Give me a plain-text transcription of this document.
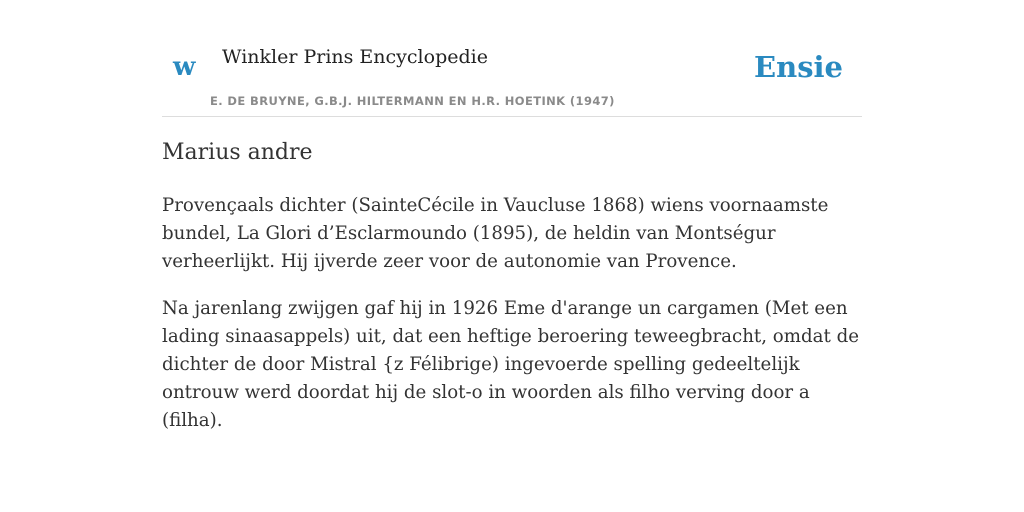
w Winkler Prins Encyclopedie
E. DE BRUYNE, G.B.J. HILTERMANN EN H.R. HOETINK (1947)
Ensie
Marius andre

Provençaals dichter (SainteCécile in Vaucluse 1868) wiens voornaamste bundel, La Glori d’Esclarmoundo (1895), de heldin van Montségur verheerlijkt. Hij ijverde zeer voor de autonomie van Provence.

Na jarenlang zwijgen gaf hij in 1926 Eme d'arange un cargamen (Met een lading sinaasappels) uit, dat een heftige beroering teweegbracht, omdat de dichter de door Mistral {z Félibrige) ingevoerde spelling gedeeltelijk ontrouw werd doordat hij de slot-o in woorden als filho verving door a (filha).
